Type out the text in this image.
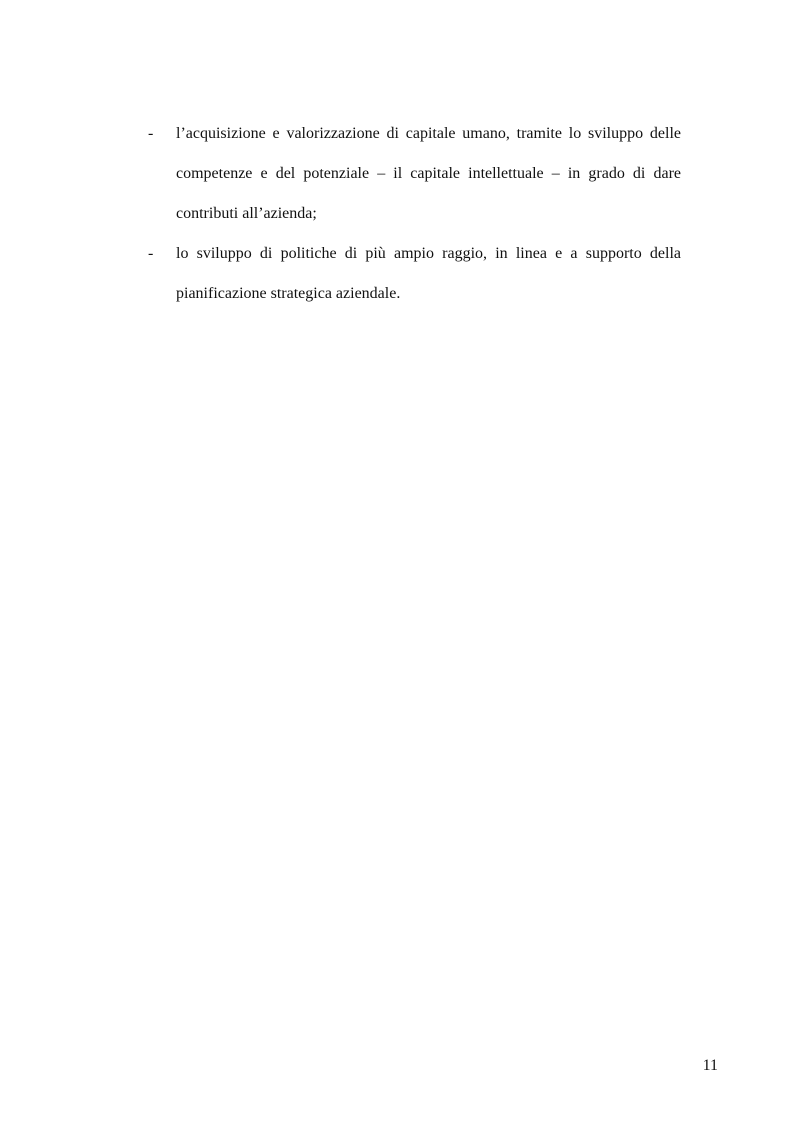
-	l’acquisizione e valorizzazione di capitale umano, tramite lo sviluppo delle competenze e del potenziale – il capitale intellettuale – in grado di dare contributi all’azienda;
-	lo sviluppo di politiche di più ampio raggio, in linea e a supporto della pianificazione strategica aziendale.
11
